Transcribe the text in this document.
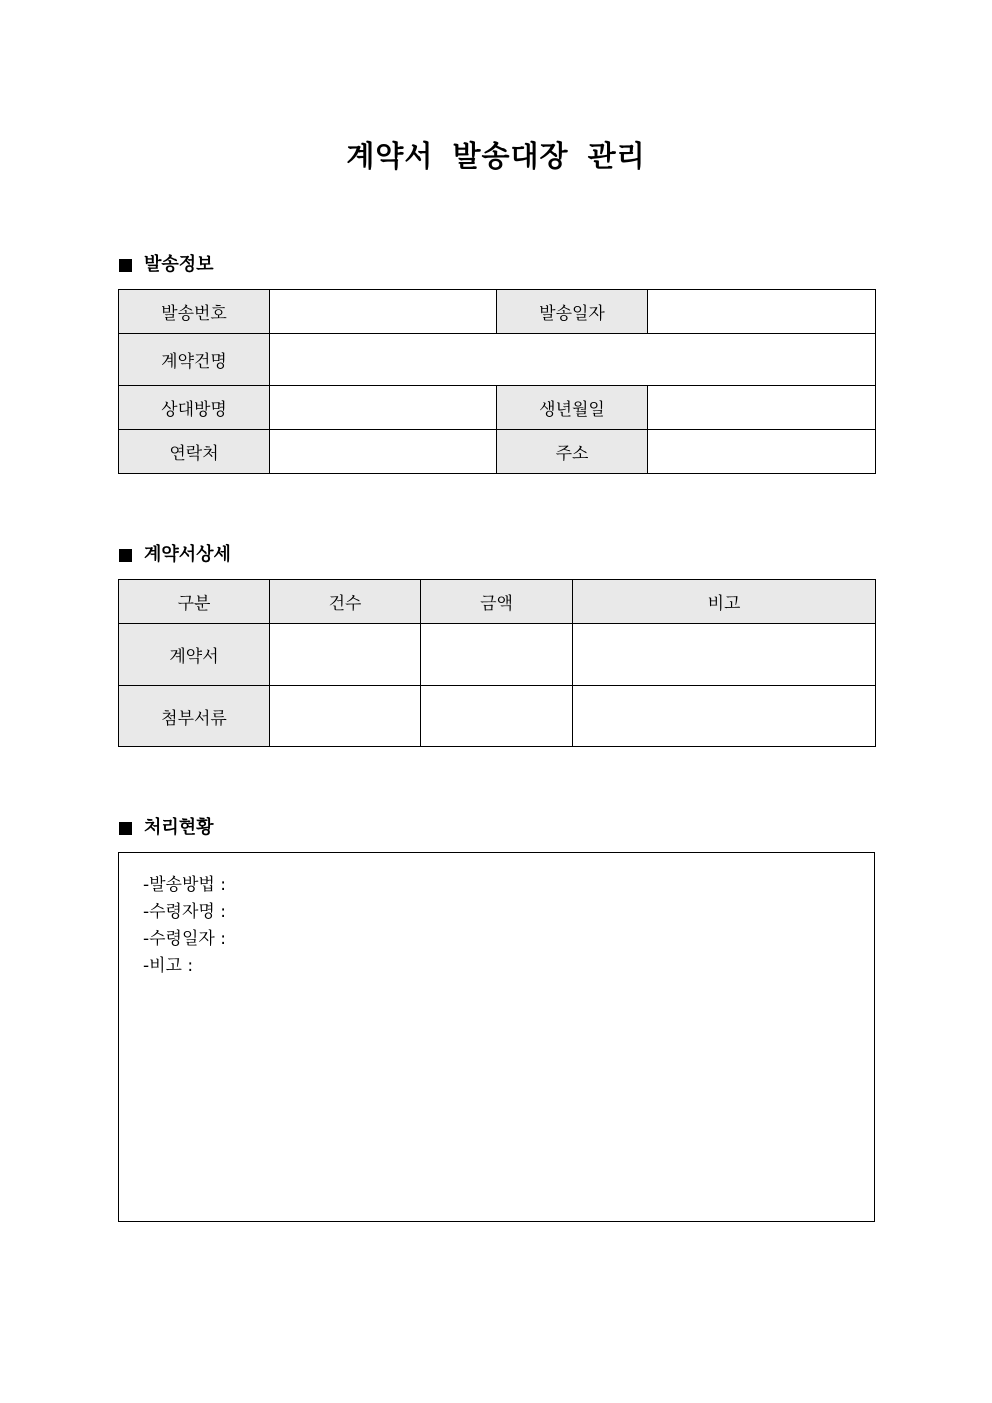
계약서 발송대장 관리
발송정보
발송번호		발송일자	
계약건명			
상대방명		생년월일	
연락처		주소	
계약서상세
구분	건수	금액	비고
계약서			
첨부서류			
처리현황
-발송방법 :
-수령자명 :
-수령일자 :
-비고 :
